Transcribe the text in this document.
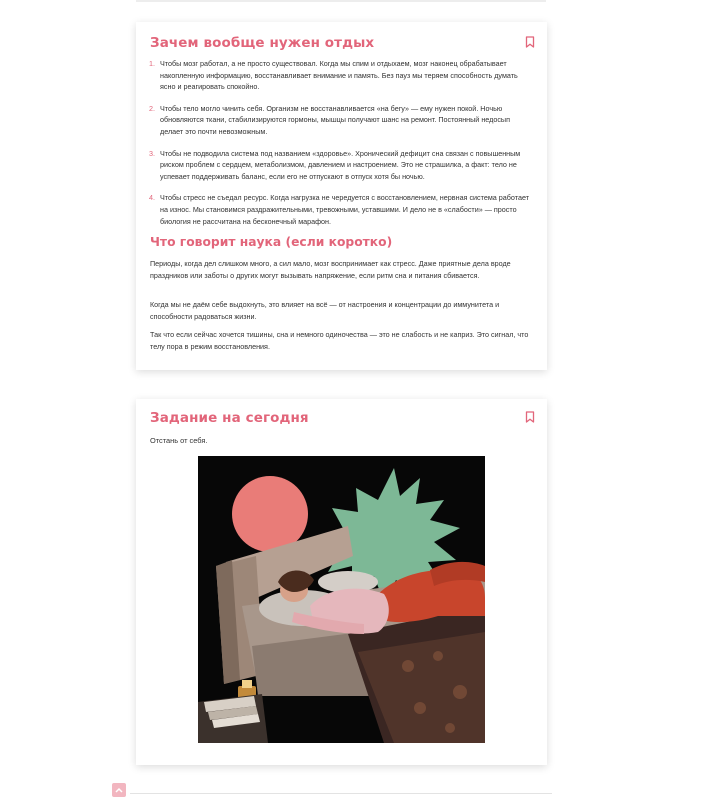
Зачем вообще нужен отдых
1. Чтобы мозг работал, а не просто существовал. Когда мы спим и отдыхаем, мозг наконец обрабатывает накопленную информацию, восстанавливает внимание и память. Без пауз мы теряем способность думать ясно и реагировать спокойно.
2. Чтобы тело могло чинить себя. Организм не восстанавливается «на бегу» — ему нужен покой. Ночью обновляются ткани, стабилизируются гормоны, мышцы получают шанс на ремонт. Постоянный недосып делает это почти невозможным.
3. Чтобы не подводила система под названием «здоровье». Хронический дефицит сна связан с повышенным риском проблем с сердцем, метаболизмом, давлением и настроением. Это не страшилка, а факт: тело не успевает поддерживать баланс, если его не отпускают в отпуск хотя бы ночью.
4. Чтобы стресс не съедал ресурс. Когда нагрузка не чередуется с восстановлением, нервная система работает на износ. Мы становимся раздражительными, тревожными, уставшими. И дело не в «слабости» — просто биология не рассчитана на бесконечный марафон.
Что говорит наука (если коротко)

Периоды, когда дел слишком много, а сил мало, мозг воспринимает как стресс. Даже приятные дела вроде праздников или заботы о других могут вызывать напряжение, если ритм сна и питания сбивается.

Когда мы не даём себе выдохнуть, это влияет на всё — от настроения и концентрации до иммунитета и способности радоваться жизни.

Так что если сейчас хочется тишины, сна и немного одиночества — это не слабость и не каприз. Это сигнал, что телу пора в режим восстановления.

Задание на сегодня

Отстань от себя.
